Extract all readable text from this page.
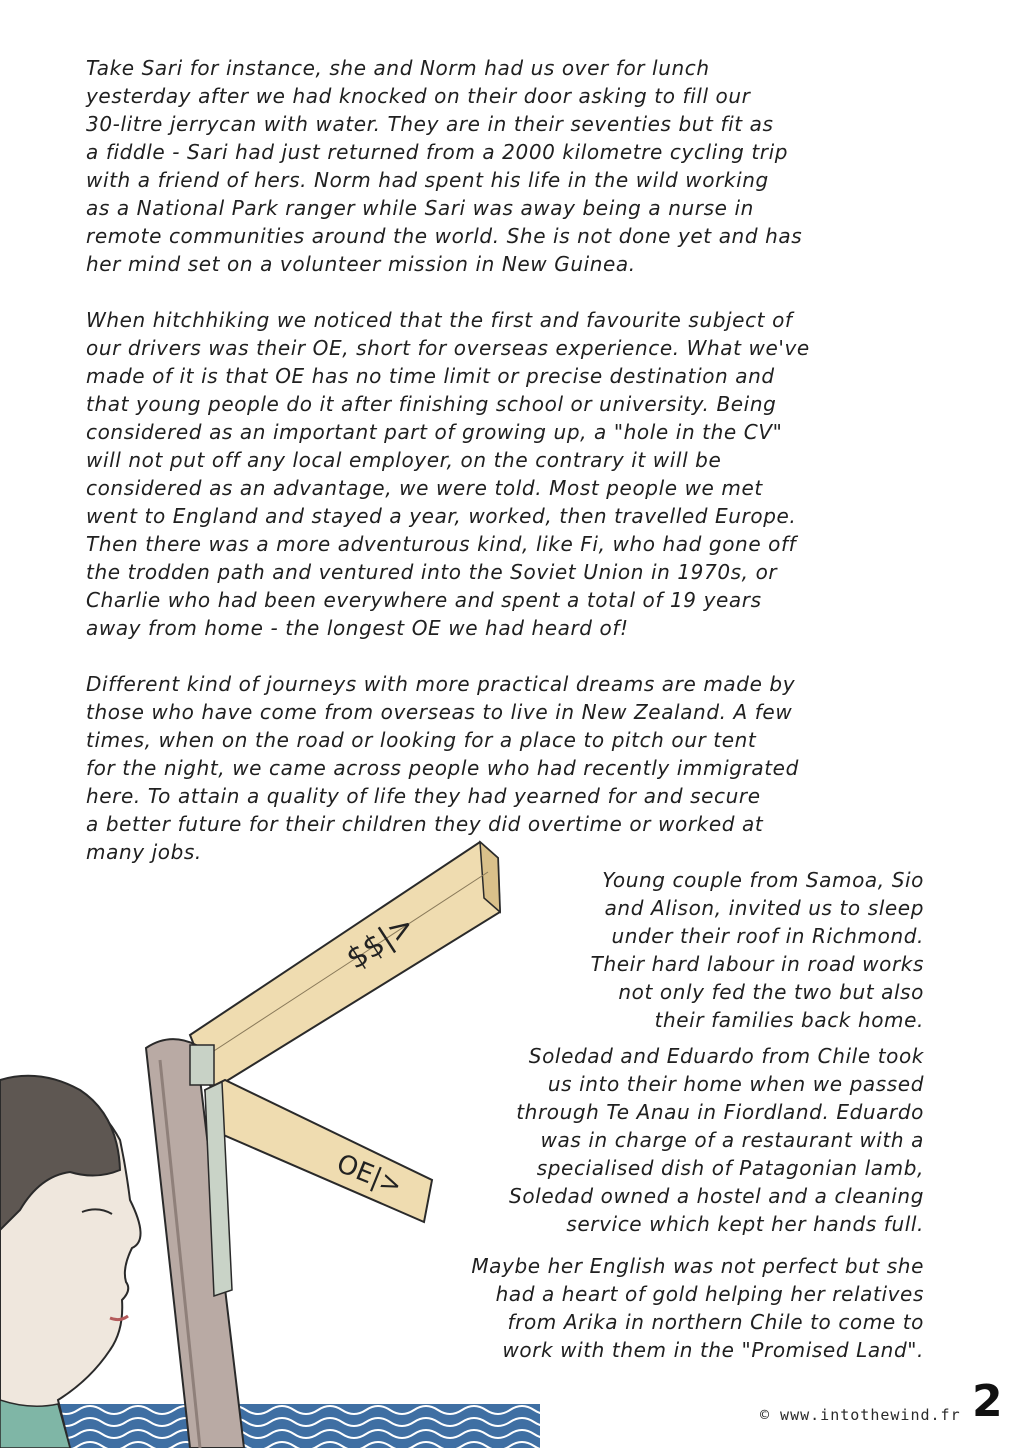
Take Sari for instance, she and Norm had us over for lunch
yesterday after we had knocked on their door asking to fill our
30-litre jerrycan with water. They are in their seventies but fit as
a fiddle - Sari had just returned from a 2000 kilometre cycling trip
with a friend of hers. Norm had spent his life in the wild working
as a National Park ranger while Sari was away being a nurse in
remote communities around the world. She is not done yet and has
her mind set on a volunteer mission in New Guinea.
When hitchhiking we noticed that the first and favourite subject of
our drivers was their OE, short for overseas experience. What we've
made of it is that OE has no time limit or precise destination and
that young people do it after finishing school or university. Being
considered as an important part of growing up, a "hole in the CV"
will not put off any local employer, on the contrary it will be
considered as an advantage, we were told. Most people we met
went to England and stayed a year, worked, then travelled Europe.
Then there was a more adventurous kind, like Fi, who had gone off
the trodden path and ventured into the Soviet Union in 1970s, or
Charlie who had been everywhere and spent a total of 19 years
away from home - the longest OE we had heard of!
Different kind of journeys with more practical dreams are made by
those who have come from overseas to live in New Zealand. A few
times, when on the road or looking for a place to pitch our tent
for the night, we came across people who had recently immigrated
here. To attain a quality of life they had yearned for and secure
a better future for their children they did overtime or worked at
many jobs.
$$|>
OE|>
Young couple from Samoa, Sio
and Alison, invited us to sleep
under their roof in Richmond.
Their hard labour in road works
not only fed the two but also
their families back home.
Soledad and Eduardo from Chile took
us into their home when we passed
through Te Anau in Fiordland. Eduardo
was in charge of a restaurant with a
specialised dish of Patagonian lamb,
Soledad owned a hostel and a cleaning
service which kept her hands full.
Maybe her English was not perfect but she
had a heart of gold helping her relatives
from Arika in northern Chile to come to
work with them in the "Promised Land".
© www.intothewind.fr 2
